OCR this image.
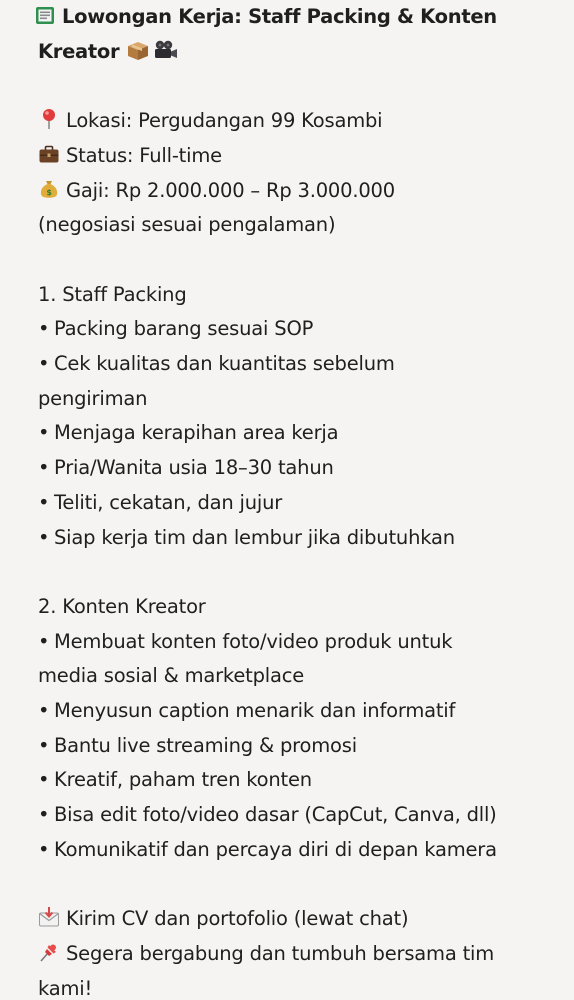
Lowongan Kerja: Staff Packing & Konten
Kreator
Lokasi: Pergudangan 99 Kosambi
Status: Full-time
$ Gaji: Rp 2.000.000 – Rp 3.000.000
(negosiasi sesuai pengalaman)
1. Staff Packing
• Packing barang sesuai SOP
• Cek kualitas dan kuantitas sebelum
pengiriman
• Menjaga kerapihan area kerja
• Pria/Wanita usia 18–30 tahun
• Teliti, cekatan, dan jujur
• Siap kerja tim dan lembur jika dibutuhkan
2. Konten Kreator
• Membuat konten foto/video produk untuk
media sosial & marketplace
• Menyusun caption menarik dan informatif
• Bantu live streaming & promosi
• Kreatif, paham tren konten
• Bisa edit foto/video dasar (CapCut, Canva, dll)
• Komunikatif dan percaya diri di depan kamera
Kirim CV dan portofolio (lewat chat)
Segera bergabung dan tumbuh bersama tim
kami!
